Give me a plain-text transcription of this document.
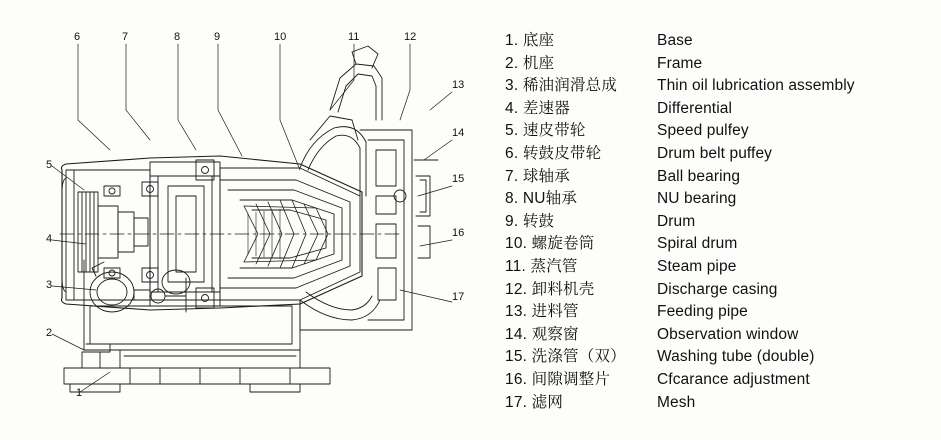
6	7	8	9	10	11	12
13
14
15
16
17
5
4
3
2
1
1. 底座	Base
2. 机座	Frame
3. 稀油润滑总成	Thin oil lubrication assembly
4. 差速器	Differential
5. 速皮带轮	Speed pulfey
6. 转鼓皮带轮	Drum belt puffey
7. 球轴承	Ball bearing
8. NU轴承	NU bearing
9. 转鼓	Drum
10. 螺旋卷筒	Spiral drum
11. 蒸汽管	Steam pipe
12. 卸料机壳	Discharge casing
13. 进料管	Feeding pipe
14. 观察窗	Observation window
15. 洗涤管（双）	Washing tube (double)
16. 间隙调整片	Cfcarance adjustment
17. 滤网	Mesh
